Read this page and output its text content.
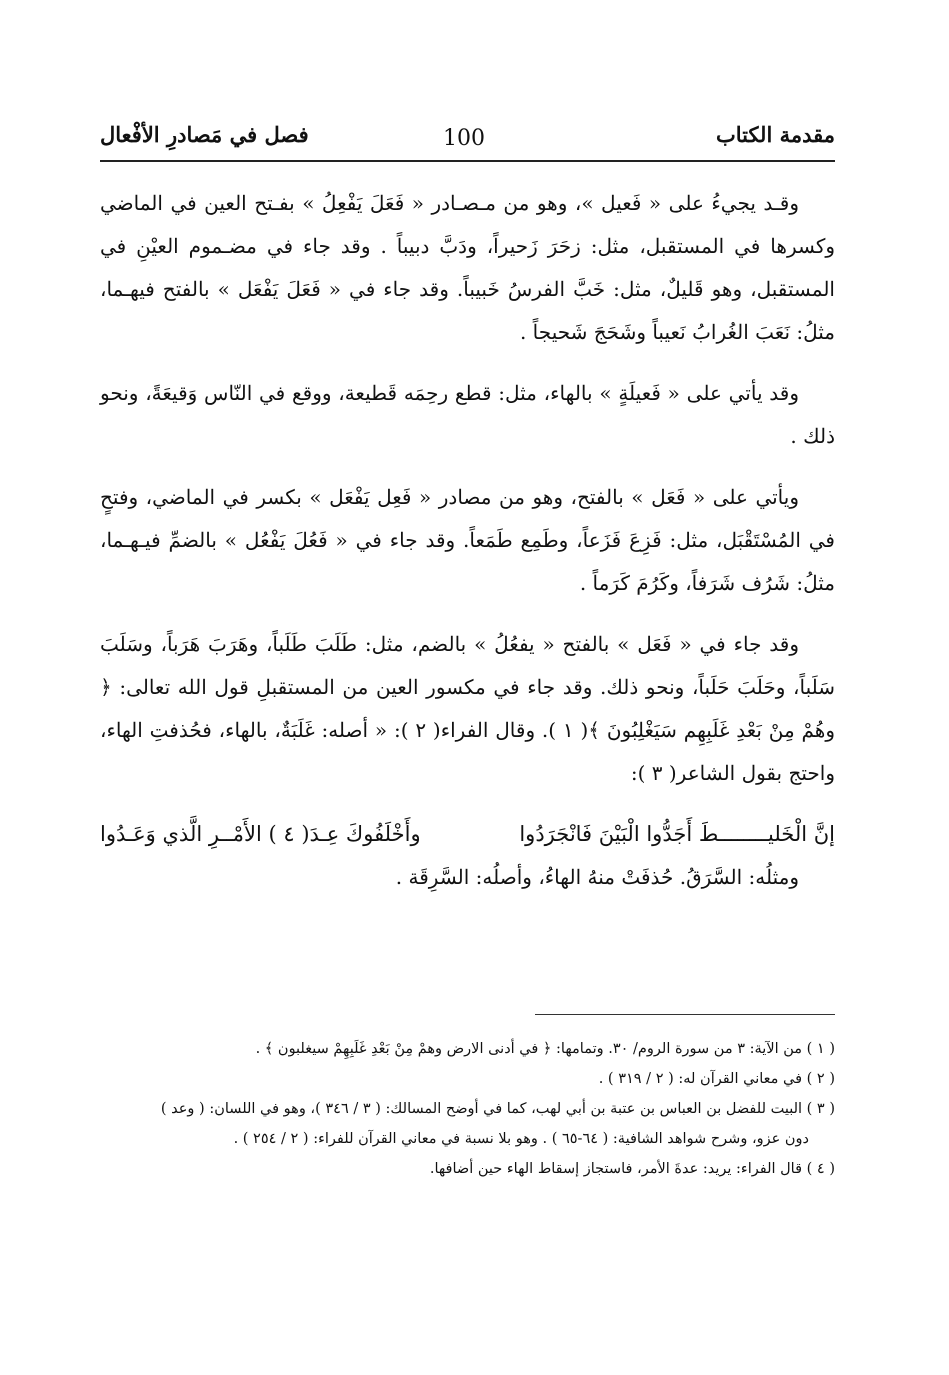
مقدمة الكتاب
100
فصل في مَصادرِ الأفْعال

وقـد يجيءُ على « فَعيل »، وهو من مـصـادر « فَعَلَ يَفْعِلُ » بفـتح العين في الماضي وكسرها في المستقبل، مثل: زحَرَ زَحيراً، ودَبَّ دبيباً . وقد جاء في مضـموم العيْنِ في المستقبل، وهو قَليلٌ، مثل: خَبَّ الفرسُ خَبيباً. وقد جاء في « فَعَلَ يَفْعَل » بالفتح فيهـما، مثلُ: نَعَبَ الغُرابُ نَعيباً وشَحَجَ شَحيجاً .

وقد يأتي على « فَعيلَةٍ » بالهاء، مثل: قطع رحِمَه قَطيعة، ووقع في النّاس وَقيعَةً، ونحو ذلك .

ويأتي على « فَعَل » بالفتح، وهو من مصادر « فَعِل يَفْعَل » بكسر في الماضي، وفتحٍ في المُسْتَقْبَل، مثل: فَزِعَ فَزَعاً، وطَمِع طَمَعاً. وقد جاء في « فَعُلَ يَفْعُل » بالضمِّ فيـهـما، مثلُ: شَرُف شَرَفاً، وكَرُمَ كَرَماً .

وقد جاء في « فَعَل » بالفتح « يفعُلُ » بالضم، مثل: طَلَبَ طَلَباً، وهَرَبَ هَرَباً، وسَلَبَ سَلَباً، وحَلَبَ حَلَباً، ونحو ذلك. وقد جاء في مكسور العين من المستقبلِ قول الله تعالى: ﴿ وهُمْ مِنْ بَعْدِ غَلَبِهِم سَيَغْلِبُونَ ﴾( ١ ). وقال الفراء( ٢ ): « أصله: غَلَبَةٌ، بالهاء، فحُذفتِ الهاء، واحتج بقول الشاعر( ٣ ):

إنَّ الْخَليــــــــطَ أَجَدُّوا الْبَيْنَ فَانْجَرَدُوا
وأَخْلَفُوكَ عِـدَ( ٤ ) الأَمْــرِ الَّذي وَعَـدُوا

ومثلُه: السَّرَقُ. حُذفَتْ منهُ الهاءُ، وأصلُه: السَّرِقَة .

( ١ ) من الآية: ٣ من سورة الروم/ ٣٠. وتمامها: ﴿ في أدنى الارض وهمْ مِنْ بَعْدِ غَلَبِهِمْ سيغلبون ﴾ .

( ٢ ) في معاني القرآن له: ( ٢ / ٣١٩ ) .

( ٣ ) البيت للفضل بن العباس بن عتبة بن أبي لهب، كما في أوضح المسالك: ( ٣ / ٣٤٦ )، وهو في اللسان: ( وعد )

دون عزو، وشرح شواهد الشافية: ( ٦٤-٦٥ ) . وهو بلا نسبة في معاني القرآن للفراء: ( ٢ / ٢٥٤ ) .

( ٤ ) قال الفراء: يريد: عدةَ الأمر، فاستجاز إسقاط الهاء حين أضافها.
